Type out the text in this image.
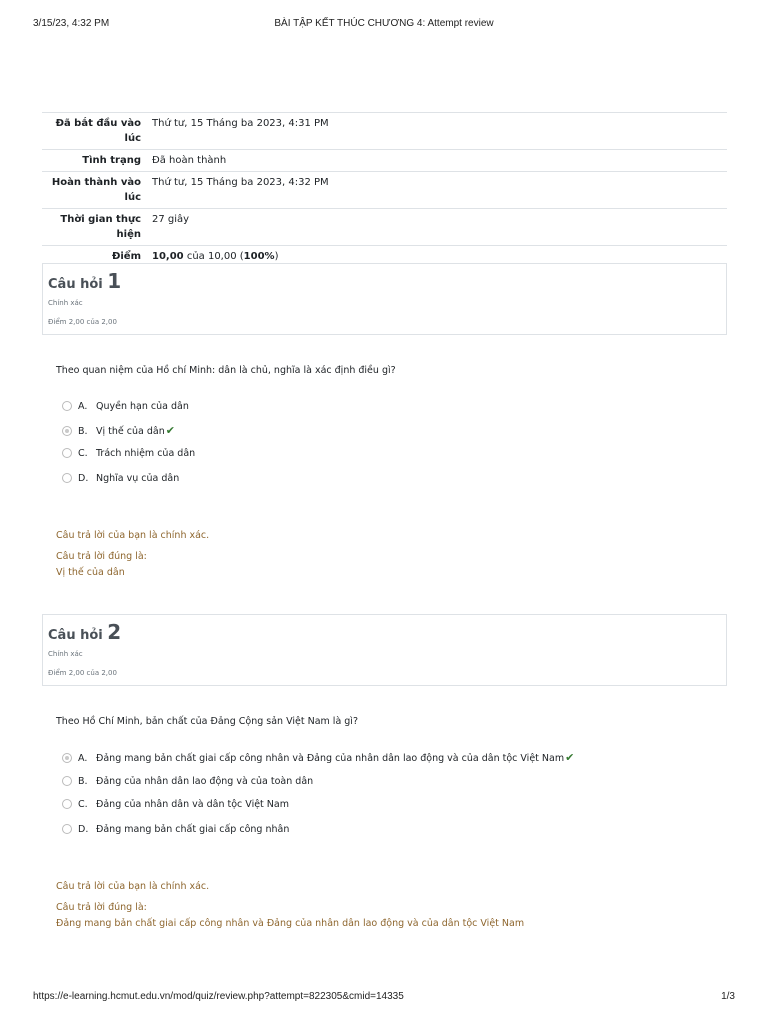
3/15/23, 4:32 PM	BÀI TẬP KẾT THÚC CHƯƠNG 4: Attempt review
Đã bắt đầu vào lúc	Thứ tư, 15 Tháng ba 2023, 4:31 PM
Tình trạng	Đã hoàn thành
Hoàn thành vào lúc	Thứ tư, 15 Tháng ba 2023, 4:32 PM
Thời gian thực hiện	27 giây
Điểm	10,00 của 10,00 (100%)
Câu hỏi 1
Chính xác
Điểm 2,00 của 2,00
Theo quan niệm của Hồ chí Minh: dân là chủ, nghĩa là xác định điều gì?
A. Quyền hạn của dân
B. Vị thế của dân✔
C. Trách nhiệm của dân
D. Nghĩa vụ của dân
Câu trả lời của bạn là chính xác.
Câu trả lời đúng là:
Vị thế của dân
Câu hỏi 2
Chính xác
Điểm 2,00 của 2,00
Theo Hồ Chí Minh, bản chất của Đảng Cộng sản Việt Nam là gì?
A. Đảng mang bản chất giai cấp công nhân và Đảng của nhân dân lao động và của dân tộc Việt Nam✔
B. Đảng của nhân dân lao động và của toàn dân
C. Đảng của nhân dân và dân tộc Việt Nam
D. Đảng mang bản chất giai cấp công nhân
Câu trả lời của bạn là chính xác.
Câu trả lời đúng là:
Đảng mang bản chất giai cấp công nhân và Đảng của nhân dân lao động và của dân tộc Việt Nam
https://e-learning.hcmut.edu.vn/mod/quiz/review.php?attempt=822305&cmid=14335	1/3
